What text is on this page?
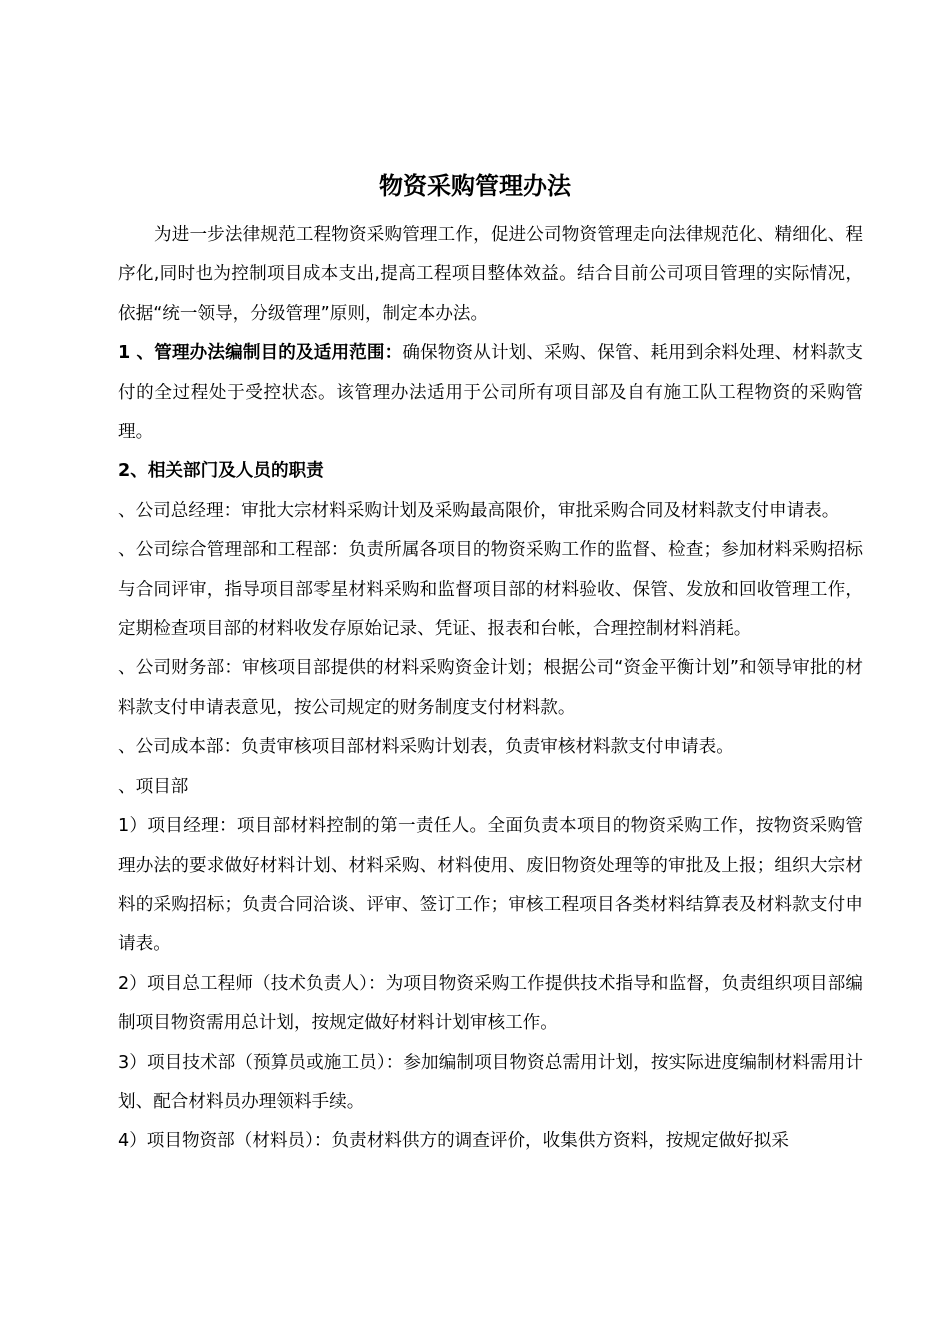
物资采购管理办法

为进一步法律规范工程物资采购管理工作，促进公司物资管理走向法律规范化、精细化、程序化,同时也为控制项目成本支出,提高工程项目整体效益。结合目前公司项目管理的实际情况，依据“统一领导，分级管理”原则，制定本办法。

1 、管理办法编制目的及适用范围：确保物资从计划、采购、保管、耗用到余料处理、材料款支付的全过程处于受控状态。该管理办法适用于公司所有项目部及自有施工队工程物资的采购管理。

2、相关部门及人员的职责

、公司总经理：审批大宗材料采购计划及采购最高限价，审批采购合同及材料款支付申请表。

、公司综合管理部和工程部：负责所属各项目的物资采购工作的监督、检查；参加材料采购招标与合同评审，指导项目部零星材料采购和监督项目部的材料验收、保管、发放和回收管理工作，定期检查项目部的材料收发存原始记录、凭证、报表和台帐，合理控制材料消耗。

、公司财务部：审核项目部提供的材料采购资金计划；根据公司“资金平衡计划”和领导审批的材料款支付申请表意见，按公司规定的财务制度支付材料款。

、公司成本部：负责审核项目部材料采购计划表，负责审核材料款支付申请表。

、项目部

1）项目经理：项目部材料控制的第一责任人。全面负责本项目的物资采购工作，按物资采购管理办法的要求做好材料计划、材料采购、材料使用、废旧物资处理等的审批及上报；组织大宗材料的采购招标；负责合同洽谈、评审、签订工作；审核工程项目各类材料结算表及材料款支付申请表。

2）项目总工程师（技术负责人）：为项目物资采购工作提供技术指导和监督，负责组织项目部编制项目物资需用总计划，按规定做好材料计划审核工作。

3）项目技术部（预算员或施工员）：参加编制项目物资总需用计划，按实际进度编制材料需用计划、配合材料员办理领料手续。

4）项目物资部（材料员）：负责材料供方的调查评价，收集供方资料，按规定做好拟采
